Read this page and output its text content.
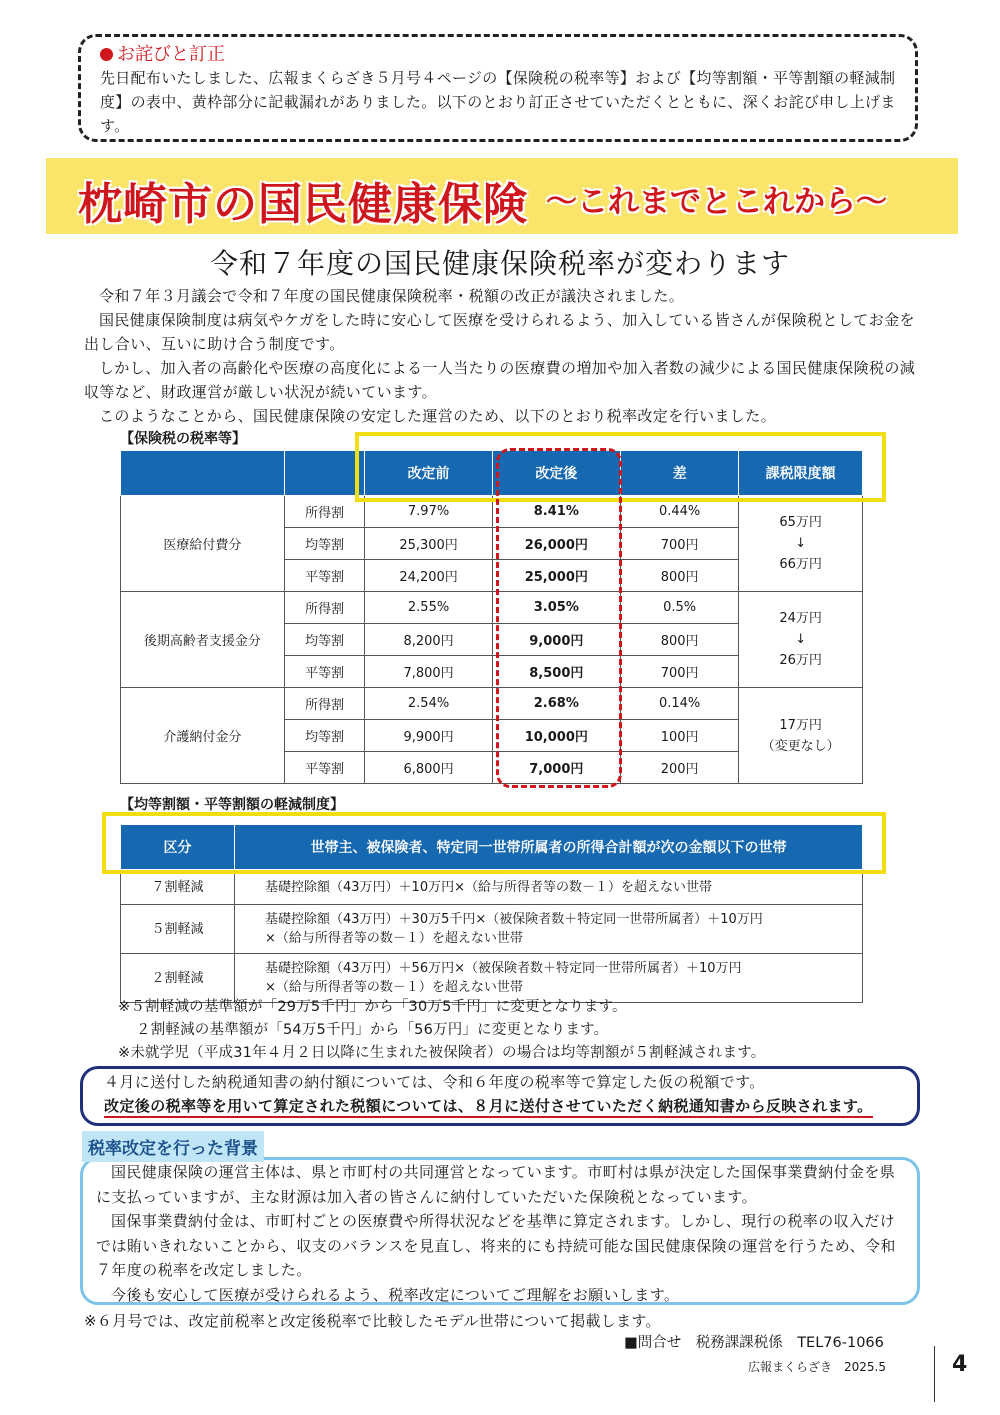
お詫びと訂正
先日配布いたしました、広報まくらざき５月号４ページの【保険税の税率等】および【均等割額・平等割額の軽減制度】の表中、黄枠部分に記載漏れがありました。以下のとおり訂正させていただくとともに、深くお詫び申し上げます。
枕崎市の国民健康保険 ～これまでとこれから～
令和７年度の国民健康保険税率が変わります
令和７年３月議会で令和７年度の国民健康保険税率・税額の改正が議決されました。
国民健康保険制度は病気やケガをした時に安心して医療を受けられるよう、加入している皆さんが保険税としてお金を出し合い、互いに助け合う制度です。
しかし、加入者の高齢化や医療の高度化による一人当たりの医療費の増加や加入者数の減少による国民健康保険税の減収等など、財政運営が厳しい状況が続いています。
このようなことから、国民健康保険の安定した運営のため、以下のとおり税率改定を行いました。
【保険税の税率等】
		改定前	改定後	差	課税限度額
医療給付費分	所得割	7.97%	8.41%	0.44%	65万円
↓
66万円

	均等割	25,300円	26,000円	700円	
	平等割	24,200円	25,000円	800円	
後期高齢者支援金分	所得割	2.55%	3.05%	0.5%	24万円
↓
26万円

	均等割	8,200円	9,000円	800円	
	平等割	7,800円	8,500円	700円	
介護納付金分	所得割	2.54%	2.68%	0.14%	17万円
（変更なし）

	均等割	9,900円	10,000円	100円	
	平等割	6,800円	7,000円	200円	
【均等割額・平等割額の軽減制度】
区分	世帯主、被保険者、特定同一世帯所属者の所得合計額が次の金額以下の世帯
７割軽減	基礎控除額（43万円）＋10万円×（給与所得者等の数－１）を超えない世帯

５割軽減	基礎控除額（43万円）＋30万5千円×（被保険者数＋特定同一世帯所属者）＋10万円
×（給与所得者等の数－１）を超えない世帯

２割軽減	基礎控除額（43万円）＋56万円×（被保険者数＋特定同一世帯所属者）＋10万円
×（給与所得者等の数－１）を超えない世帯
※５割軽減の基準額が「29万5千円」から「30万5千円」に変更となります。
２割軽減の基準額が「54万5千円」から「56万円」に変更となります。
※未就学児（平成31年４月２日以降に生まれた被保険者）の場合は均等割額が５割軽減されます。
４月に送付した納税通知書の納付額については、令和６年度の税率等で算定した仮の税額です。
改定後の税率等を用いて算定された税額については、８月に送付させていただく納税通知書から反映されます。
税率改定を行った背景
国民健康保険の運営主体は、県と市町村の共同運営となっています。市町村は県が決定した国保事業費納付金を県に支払っていますが、主な財源は加入者の皆さんに納付していただいた保険税となっています。
国保事業費納付金は、市町村ごとの医療費や所得状況などを基準に算定されます。しかし、現行の税率の収入だけでは賄いきれないことから、収支のバランスを見直し、将来的にも持続可能な国民健康保険の運営を行うため、令和７年度の税率を改定しました。
今後も安心して医療が受けられるよう、税率改定についてご理解をお願いします。
※６月号では、改定前税率と改定後税率で比較したモデル世帯について掲載します。
■問合せ　税務課課税係　TEL76-1066
広報まくらざき　2025.5	4
